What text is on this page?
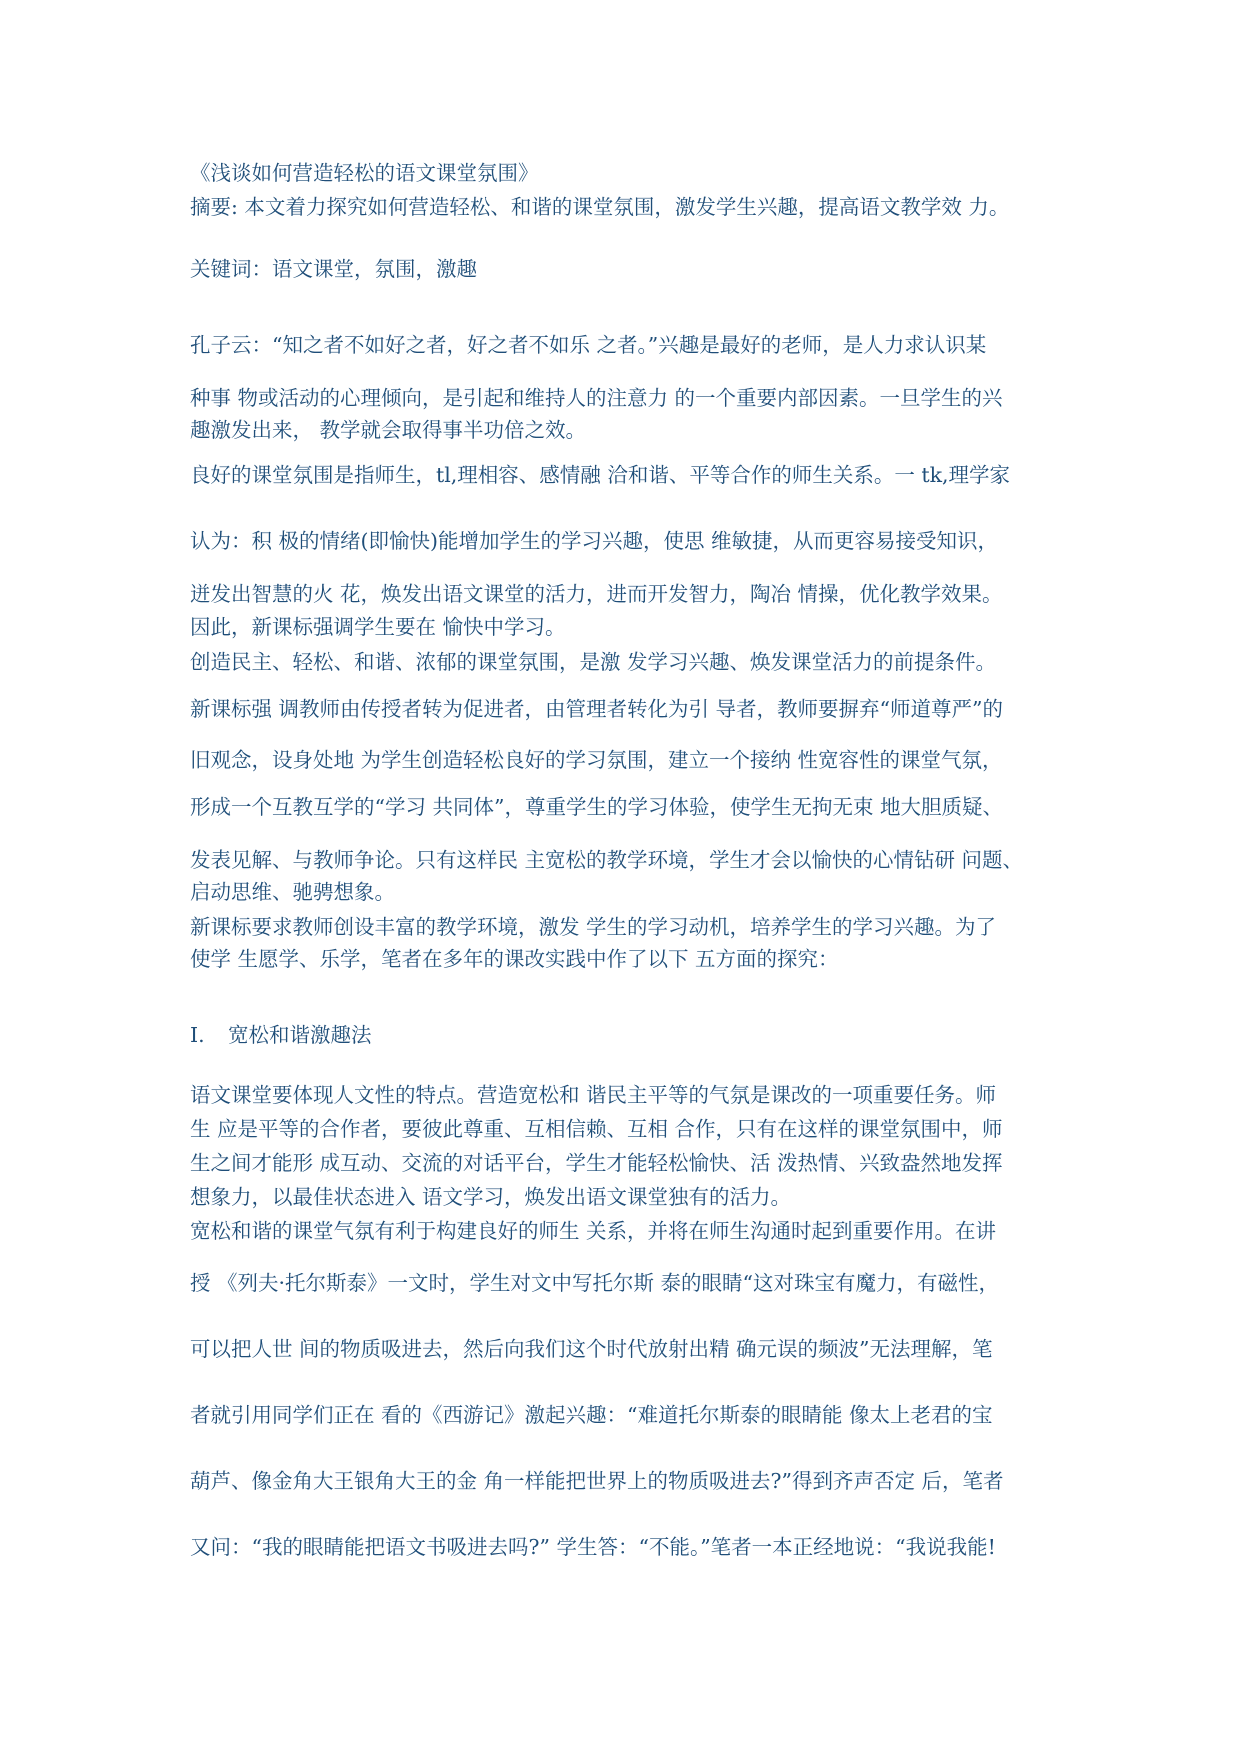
《浅谈如何营造轻松的语文课堂氛围》
摘要: 本文着力探究如何营造轻松、和谐的课堂氛围，激发学生兴趣，提高语文教学效 力。
关键词：语文课堂，氛围，激趣
孔子云：“知之者不如好之者，好之者不如乐 之者。”兴趣是最好的老师，是人力求认识某
种事 物或活动的心理倾向，是引起和维持人的注意力 的一个重要内部因素。一旦学生的兴
趣激发出来， 教学就会取得事半功倍之效。
良好的课堂氛围是指师生，tl,理相容、感情融 洽和谐、平等合作的师生关系。一 tk,理学家
认为：积 极的情绪(即愉快)能增加学生的学习兴趣，使思 维敏捷，从而更容易接受知识，
迸发出智慧的火 花，焕发出语文课堂的活力，进而开发智力，陶冶 情操，优化教学效果。
因此，新课标强调学生要在 愉快中学习。
创造民主、轻松、和谐、浓郁的课堂氛围，是激 发学习兴趣、焕发课堂活力的前提条件。
新课标强 调教师由传授者转为促进者，由管理者转化为引 导者，教师要摒弃“师道尊严”的
旧观念，设身处地 为学生创造轻松良好的学习氛围，建立一个接纳 性宽容性的课堂气氛，
形成一个互教互学的“学习 共同体”，尊重学生的学习体验，使学生无拘无束 地大胆质疑、
发表见解、与教师争论。只有这样民 主宽松的教学环境，学生才会以愉快的心情钻研 问题、
启动思维、驰骋想象。
新课标要求教师创设丰富的教学环境，激发 学生的学习动机，培养学生的学习兴趣。为了
使学 生愿学、乐学，笔者在多年的课改实践中作了以下 五方面的探究：
I. 宽松和谐激趣法
语文课堂要体现人文性的特点。营造宽松和 谐民主平等的气氛是课改的一项重要任务。师
生 应是平等的合作者，要彼此尊重、互相信赖、互相 合作，只有在这样的课堂氛围中，师
生之间才能形 成互动、交流的对话平台，学生才能轻松愉快、活 泼热情、兴致盎然地发挥
想象力，以最佳状态进入 语文学习，焕发出语文课堂独有的活力。
宽松和谐的课堂气氛有利于构建良好的师生 关系，并将在师生沟通时起到重要作用。在讲
授 《列夫·托尔斯泰》一文时，学生对文中写托尔斯 泰的眼睛“这对珠宝有魔力，有磁性，
可以把人世 间的物质吸进去，然后向我们这个时代放射出精 确元误的频波”无法理解，笔
者就引用同学们正在 看的《西游记》激起兴趣：“难道托尔斯泰的眼睛能 像太上老君的宝
葫芦、像金角大王银角大王的金 角一样能把世界上的物质吸进去?”得到齐声否定 后，笔者
又问：“我的眼睛能把语文书吸进去吗?” 学生答：“不能。”笔者一本正经地说：“我说我能!
